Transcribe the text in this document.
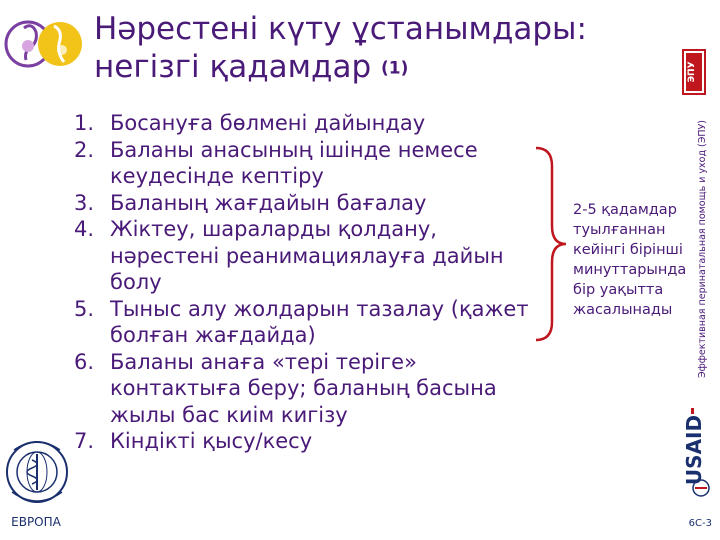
Нәрестені күту ұстанымдары: негізгі қадамдар (1)	ЭПУ
Эффективная перинатальная помощь и уход (ЭПУ)
1. Босануға бөлмені дайындау
2. Баланы анасының ішінде немесе кеудесінде кептіру
3. Баланың жағдайын бағалау
4. Жіктеу, шараларды қолдану, нәрестені реанимациялауға дайын болу
5. Тыныс алу жолдарын тазалау (қажет болған жағдайда)
6. Баланы анаға «тері теріге» контактыға беру; баланың басына жылы бас киім кигізу
7. Кіндікті қысу/кесу
2-5 қадамдар туылғаннан кейінгі бірінші минуттарында бір уақытта жасалынады
ЕВРОПА
USAID
6C-3
